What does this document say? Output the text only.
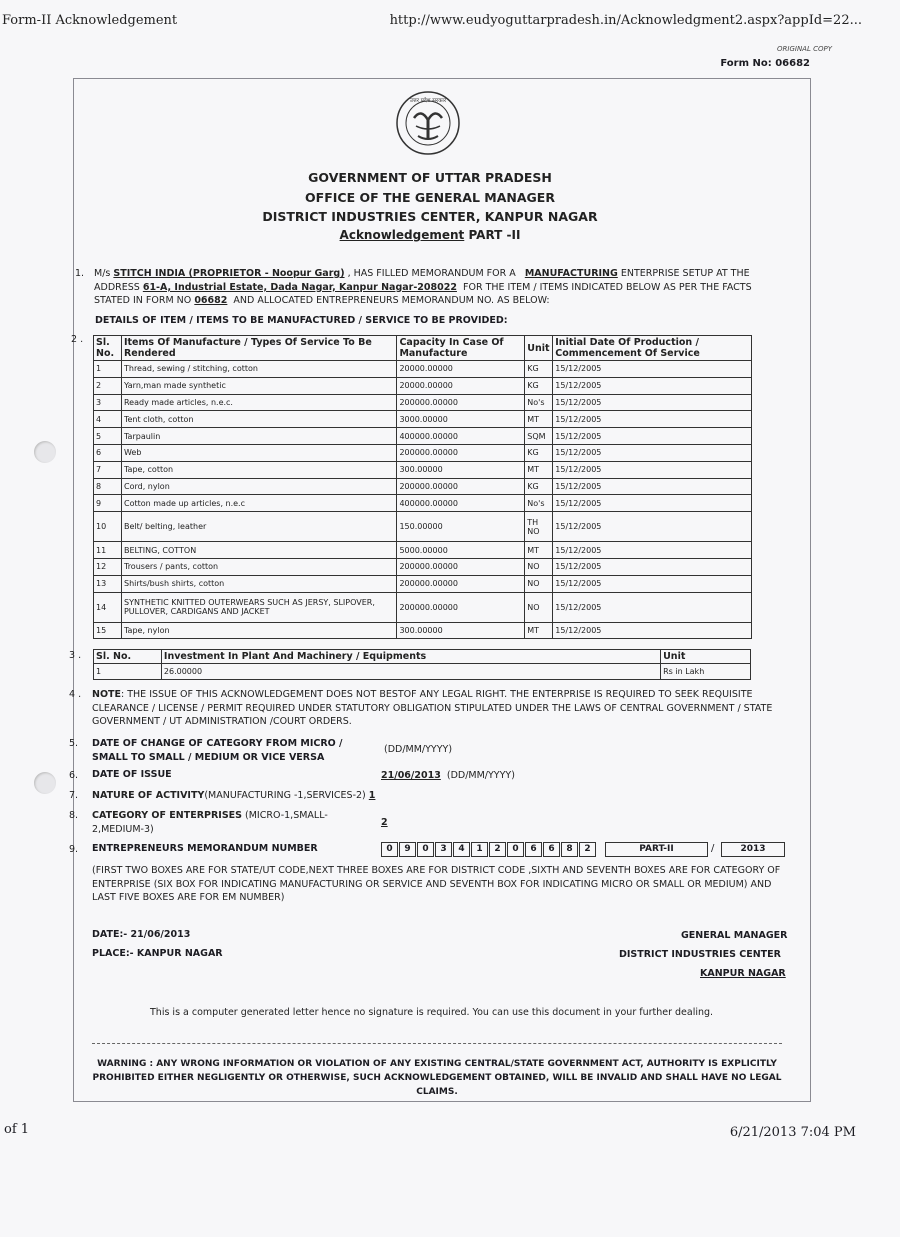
Form-II Acknowledgement	http://www.eudyoguttarpradesh.in/Acknowledgment2.aspx?appId=22...
ORIGINAL COPY
Form No: 06682
उत्तर प्रदेश सरकार
GOVERNMENT OF UTTAR PRADESH
OFFICE OF THE GENERAL MANAGER
DISTRICT INDUSTRIES CENTER, KANPUR NAGAR
Acknowledgement PART -II
1. M/s STITCH INDIA (PROPRIETOR - Noopur Garg) , HAS FILLED MEMORANDUM FOR A MANUFACTURING ENTERPRISE SETUP AT THE
ADDRESS 61-A, Industrial Estate, Dada Nagar, Kanpur Nagar-208022 FOR THE ITEM / ITEMS INDICATED BELOW AS PER THE FACTS
STATED IN FORM NO 06682 AND ALLOCATED ENTREPRENEURS MEMORANDUM NO. AS BELOW:
DETAILS OF ITEM / ITEMS TO BE MANUFACTURED / SERVICE TO BE PROVIDED:
2 . Sl. No.	Items Of Manufacture / Types Of Service To Be Rendered	Capacity In Case Of Manufacture	Unit	Initial Date Of Production / Commencement Of Service
1	Thread, sewing / stitching, cotton	20000.00000	KG	15/12/2005
2	Yarn,man made synthetic	20000.00000	KG	15/12/2005
3	Ready made articles, n.e.c.	200000.00000	No's	15/12/2005
4	Tent cloth, cotton	3000.00000	MT	15/12/2005
5	Tarpaulin	400000.00000	SQM	15/12/2005
6	Web	200000.00000	KG	15/12/2005
7	Tape, cotton	300.00000	MT	15/12/2005
8	Cord, nylon	200000.00000	KG	15/12/2005
9	Cotton made up articles, n.e.c	400000.00000	No's	15/12/2005
10	Belt/ belting, leather	150.00000	TH NO	15/12/2005
11	BELTING, COTTON	5000.00000	MT	15/12/2005
12	Trousers / pants, cotton	200000.00000	NO	15/12/2005
13	Shirts/bush shirts, cotton	200000.00000	NO	15/12/2005
14	SYNTHETIC KNITTED OUTERWEARS SUCH AS JERSY, SLIPOVER, PULLOVER, CARDIGANS AND JACKET	200000.00000	NO	15/12/2005
15	Tape, nylon	300.00000	MT	15/12/2005
3 . Sl. No.	Investment In Plant And Machinery / Equipments	Unit
1	26.00000	Rs in Lakh
4 . NOTE: THE ISSUE OF THIS ACKNOWLEDGEMENT DOES NOT BESTOF ANY LEGAL RIGHT. THE ENTERPRISE IS REQUIRED TO SEEK REQUISITE CLEARANCE / LICENSE / PERMIT REQUIRED UNDER STATUTORY OBLIGATION STIPULATED UNDER THE LAWS OF CENTRAL GOVERNMENT / STATE GOVERNMENT / UT ADMINISTRATION /COURT ORDERS.
5. DATE OF CHANGE OF CATEGORY FROM MICRO / SMALL TO SMALL / MEDIUM OR VICE VERSA
(DD/MM/YYYY)
6. DATE OF ISSUE	21/06/2013 (DD/MM/YYYY)
7. NATURE OF ACTIVITY(MANUFACTURING -1,SERVICES-2) 1
8. CATEGORY OF ENTERPRISES (MICRO-1,SMALL-2,MEDIUM-3)
2
9. ENTREPRENEURS MEMORANDUM NUMBER	0	9	0	3	4	1	2	0	6	6	8	2	PART-II	/	2013
(FIRST TWO BOXES ARE FOR STATE/UT CODE,NEXT THREE BOXES ARE FOR DISTRICT CODE ,SIXTH AND SEVENTH BOXES ARE FOR CATEGORY OF ENTERPRISE (SIX BOX FOR INDICATING MANUFACTURING OR SERVICE AND SEVENTH BOX FOR INDICATING MICRO OR SMALL OR MEDIUM) AND LAST FIVE BOXES ARE FOR EM NUMBER)
DATE:- 21/06/2013
PLACE:- KANPUR NAGAR
GENERAL MANAGER
DISTRICT INDUSTRIES CENTER
KANPUR NAGAR
This is a computer generated letter hence no signature is required. You can use this document in your further dealing.
WARNING : ANY WRONG INFORMATION OR VIOLATION OF ANY EXISTING CENTRAL/STATE GOVERNMENT ACT, AUTHORITY IS EXPLICITLY PROHIBITED EITHER NEGLIGENTLY OR OTHERWISE, SUCH ACKNOWLEDGEMENT OBTAINED, WILL BE INVALID AND SHALL HAVE NO LEGAL CLAIMS.
of 1	6/21/2013 7:04 PM
